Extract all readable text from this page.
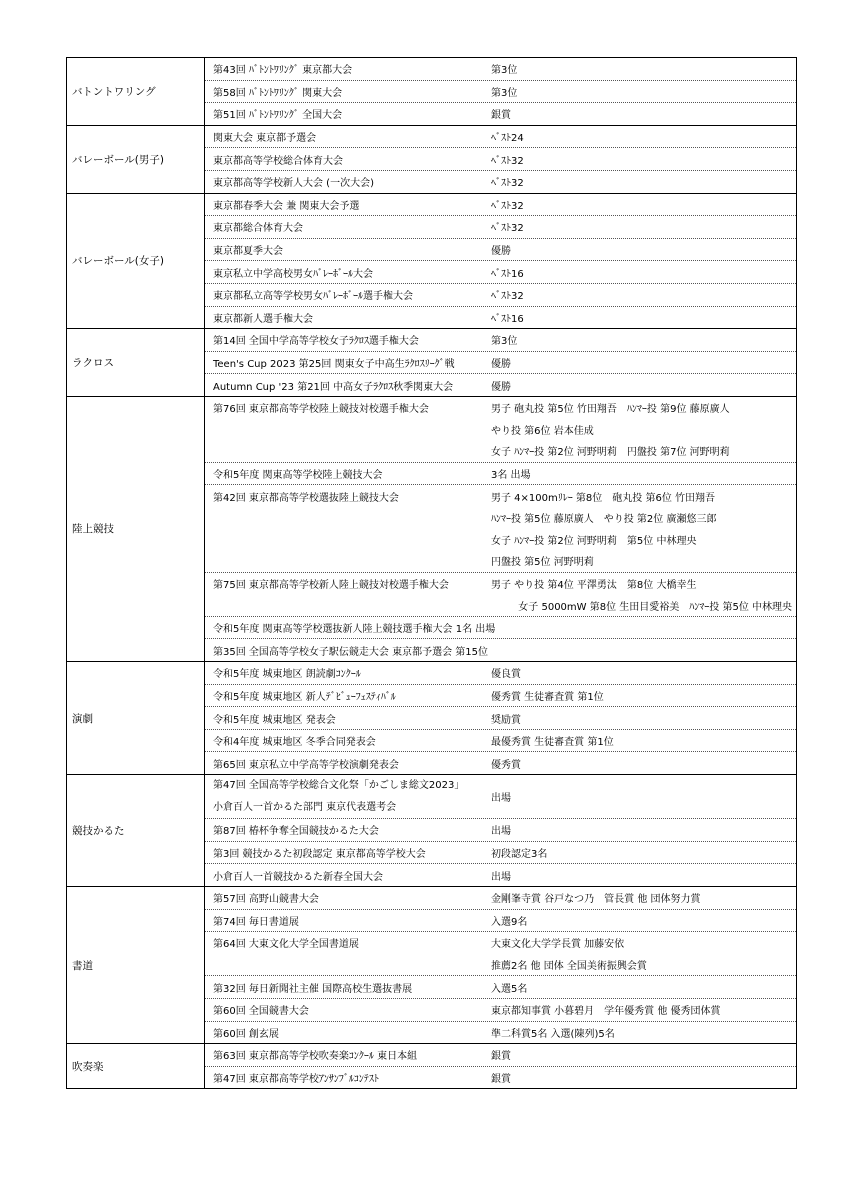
バトントワリング
第43回 ﾊﾞﾄﾝﾄﾜﾘﾝｸﾞ 東京都大会	第3位
第58回 ﾊﾞﾄﾝﾄﾜﾘﾝｸﾞ 関東大会	第3位
第51回 ﾊﾞﾄﾝﾄﾜﾘﾝｸﾞ 全国大会	銀賞
バレーボール(男子)
関東大会 東京都予選会	ﾍﾞｽﾄ24
東京都高等学校総合体育大会	ﾍﾞｽﾄ32
東京都高等学校新人大会 (一次大会)	ﾍﾞｽﾄ32
バレーボール(女子)
東京都春季大会 兼 関東大会予選	ﾍﾞｽﾄ32
東京都総合体育大会	ﾍﾞｽﾄ32
東京都夏季大会	優勝
東京私立中学高校男女ﾊﾞﾚｰﾎﾞｰﾙ大会	ﾍﾞｽﾄ16
東京都私立高等学校男女ﾊﾞﾚｰﾎﾞｰﾙ選手権大会	ﾍﾞｽﾄ32
東京都新人選手権大会	ﾍﾞｽﾄ16
ラクロス
第14回 全国中学高等学校女子ﾗｸﾛｽ選手権大会	第3位
Teen's Cup 2023 第25回 関東女子中高生ﾗｸﾛｽﾘｰｸﾞ戦	優勝
Autumn Cup '23 第21回 中高女子ﾗｸﾛｽ秋季関東大会	優勝
陸上競技
第76回 東京都高等学校陸上競技対校選手権大会	男子 砲丸投 第5位 竹田翔吾　ﾊﾝﾏｰ投 第9位 藤原廣人
やり投 第6位 岩本佳成
女子 ﾊﾝﾏｰ投 第2位 河野明莉　円盤投 第7位 河野明莉
令和5年度 関東高等学校陸上競技大会	3名 出場
第42回 東京都高等学校選抜陸上競技大会	男子 4×100mﾘﾚｰ 第8位　砲丸投 第6位 竹田翔吾
ﾊﾝﾏｰ投 第5位 藤原廣人　やり投 第2位 廣瀬悠三郎
女子 ﾊﾝﾏｰ投 第2位 河野明莉　第5位 中林理央
円盤投 第5位 河野明莉
第75回 東京都高等学校新人陸上競技対校選手権大会	男子 やり投 第4位 平澤勇汰　第8位 大橋幸生
女子 5000mW 第8位 生田目愛裕美　ﾊﾝﾏｰ投 第5位 中林理央
令和5年度 関東高等学校選抜新人陸上競技選手権大会 1名 出場
第35回 全国高等学校女子駅伝競走大会 東京都予選会 第15位
演劇
令和5年度 城東地区 朗読劇ｺﾝｸｰﾙ	優良賞
令和5年度 城東地区 新人ﾃﾞﾋﾞｭｰﾌｪｽﾃｨﾊﾞﾙ	優秀賞 生徒審査賞 第1位
令和5年度 城東地区 発表会	奨励賞
令和4年度 城東地区 冬季合同発表会	最優秀賞 生徒審査賞 第1位
第65回 東京私立中学高等学校演劇発表会	優秀賞
競技かるた
第47回 全国高等学校総合文化祭「かごしま総文2023」
小倉百人一首かるた部門 東京代表選考会
出場
第87回 椿杯争奪全国競技かるた大会	出場
第3回 競技かるた初段認定 東京都高等学校大会	初段認定3名
小倉百人一首競技かるた新春全国大会	出場
書道
第57回 高野山競書大会	金剛峯寺賞 谷戸なつ乃　管長賞 他 団体努力賞
第74回 毎日書道展	入選9名
第64回 大東文化大学全国書道展	大東文化大学学長賞 加藤安依
推薦2名 他 団体 全国美術振興会賞
第32回 毎日新聞社主催 国際高校生選抜書展	入選5名
第60回 全国競書大会	東京都知事賞 小暮碧月　学年優秀賞 他 優秀団体賞
第60回 創玄展	準二科賞5名 入選(陳列)5名
吹奏楽
第63回 東京都高等学校吹奏楽ｺﾝｸｰﾙ 東日本組	銀賞
第47回 東京都高等学校ｱﾝｻﾝﾌﾞﾙｺﾝﾃｽﾄ	銀賞
